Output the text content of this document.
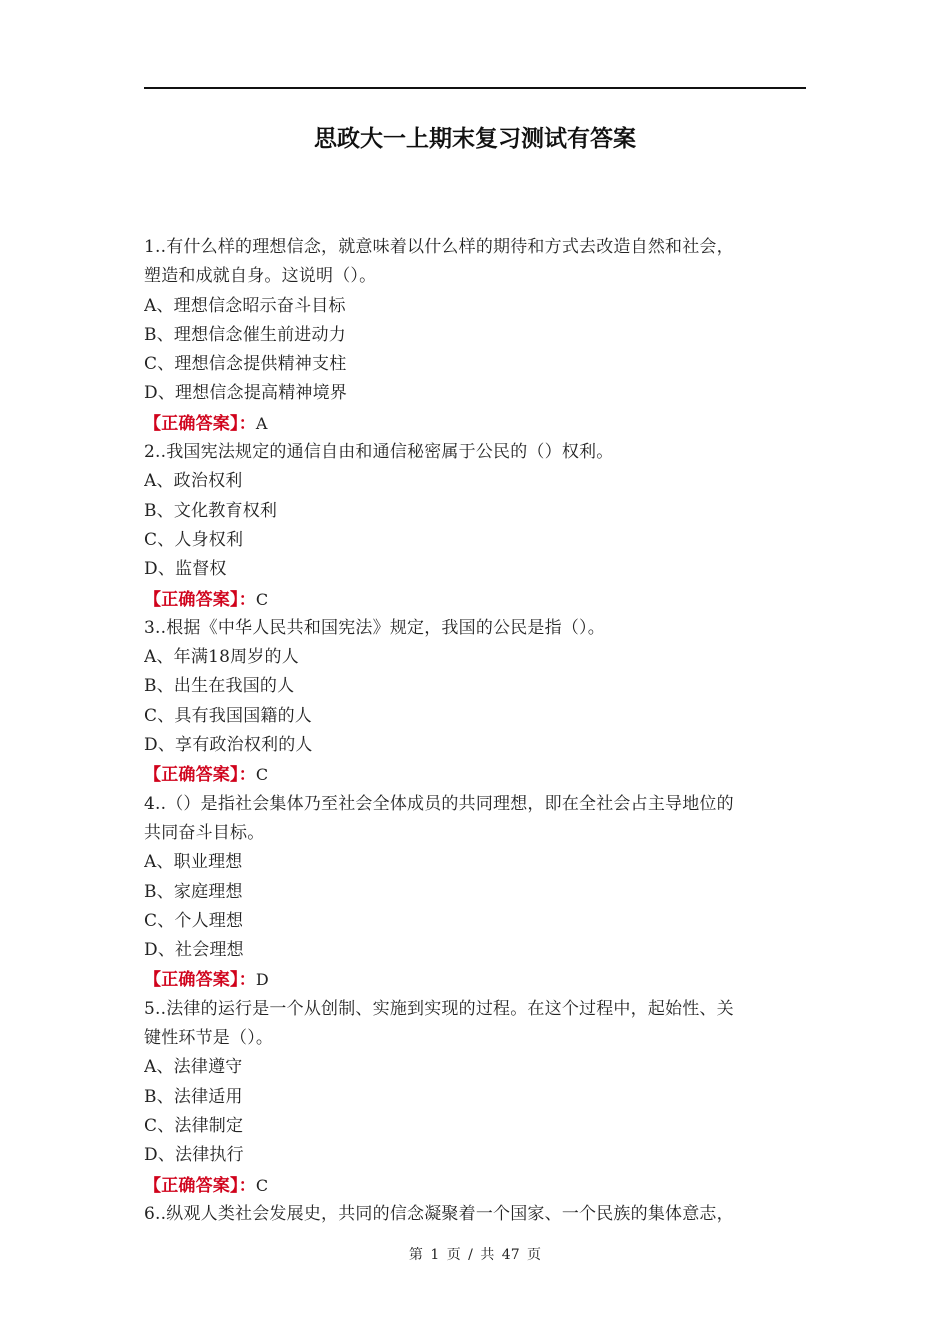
思政大一上期末复习测试有答案
1..有什么样的理想信念，就意味着以什么样的期待和方式去改造自然和社会，
塑造和成就自身。这说明（）。
A、理想信念昭示奋斗目标
B、理想信念催生前进动力
C、理想信念提供精神支柱
D、理想信念提高精神境界
【正确答案】：A
2..我国宪法规定的通信自由和通信秘密属于公民的（）权利。
A、政治权利
B、文化教育权利
C、人身权利
D、监督权
【正确答案】：C
3..根据《中华人民共和国宪法》规定，我国的公民是指（）。
A、年满18周岁的人
B、出生在我国的人
C、具有我国国籍的人
D、享有政治权利的人
【正确答案】：C
4..（）是指社会集体乃至社会全体成员的共同理想，即在全社会占主导地位的
共同奋斗目标。
A、职业理想
B、家庭理想
C、个人理想
D、社会理想
【正确答案】：D
5..法律的运行是一个从创制、实施到实现的过程。在这个过程中，起始性、关
键性环节是（）。
A、法律遵守
B、法律适用
C、法律制定
D、法律执行
【正确答案】：C
6..纵观人类社会发展史，共同的信念凝聚着一个国家、一个民族的集体意志，
第 1 页 / 共 47 页
